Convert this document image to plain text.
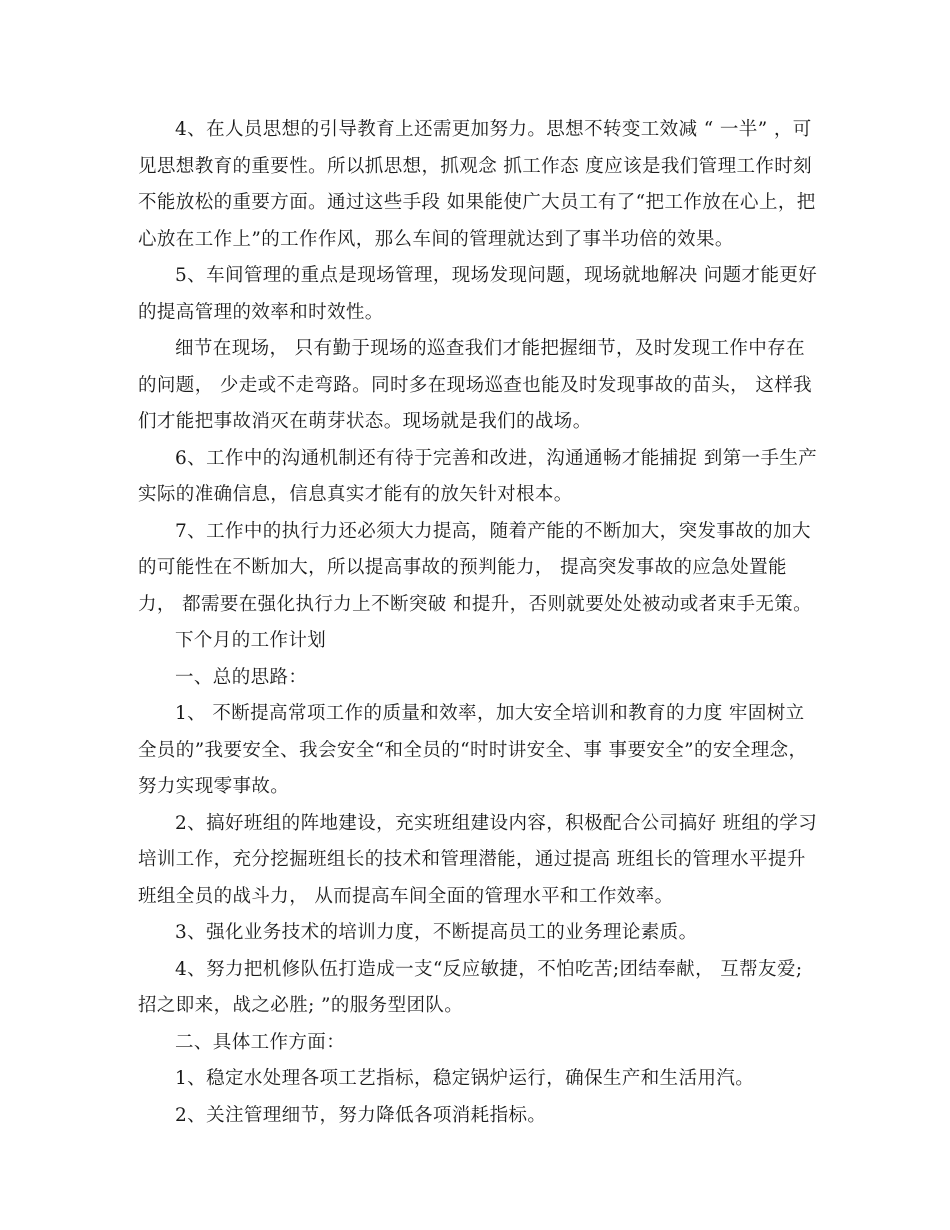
4、在人员思想的引导教育上还需更加努力。思想不转变工效减 “ 一半” ，可见思想教育的重要性。所以抓思想，抓观念 抓工作态 度应该是我们管理工作时刻不能放松的重要方面。通过这些手段 如果能使广大员工有了“把工作放在心上，把心放在工作上”的工作作风，那么车间的管理就达到了事半功倍的效果。

5、车间管理的重点是现场管理，现场发现问题，现场就地解决 问题才能更好的提高管理的效率和时效性。

细节在现场， 只有勤于现场的巡查我们才能把握细节，及时发现工作中存在的问题， 少走或不走弯路。同时多在现场巡查也能及时发现事故的苗头， 这样我们才能把事故消灭在萌芽状态。现场就是我们的战场。

6、工作中的沟通机制还有待于完善和改进，沟通通畅才能捕捉 到第一手生产实际的准确信息，信息真实才能有的放矢针对根本。

7、工作中的执行力还必须大力提高，随着产能的不断加大，突发事故的加大的可能性在不断加大，所以提高事故的预判能力， 提高突发事故的应急处置能力， 都需要在强化执行力上不断突破 和提升，否则就要处处被动或者束手无策。

下个月的工作计划

一、总的思路：

1、 不断提高常项工作的质量和效率，加大安全培训和教育的力度 牢固树立全员的”我要安全、我会安全“和全员的“时时讲安全、事 事要安全”的安全理念，努力实现零事故。

2、搞好班组的阵地建设，充实班组建设内容，积极配合公司搞好 班组的学习培训工作，充分挖掘班组长的技术和管理潜能，通过提高 班组长的管理水平提升班组全员的战斗力， 从而提高车间全面的管理水平和工作效率。

3、强化业务技术的培训力度，不断提高员工的业务理论素质。

4、努力把机修队伍打造成一支“反应敏捷，不怕吃苦;团结奉献， 互帮友爱;招之即来，战之必胜; ”的服务型团队。

二、具体工作方面：

1、稳定水处理各项工艺指标，稳定锅炉运行，确保生产和生活用汽。

2、关注管理细节，努力降低各项消耗指标。
